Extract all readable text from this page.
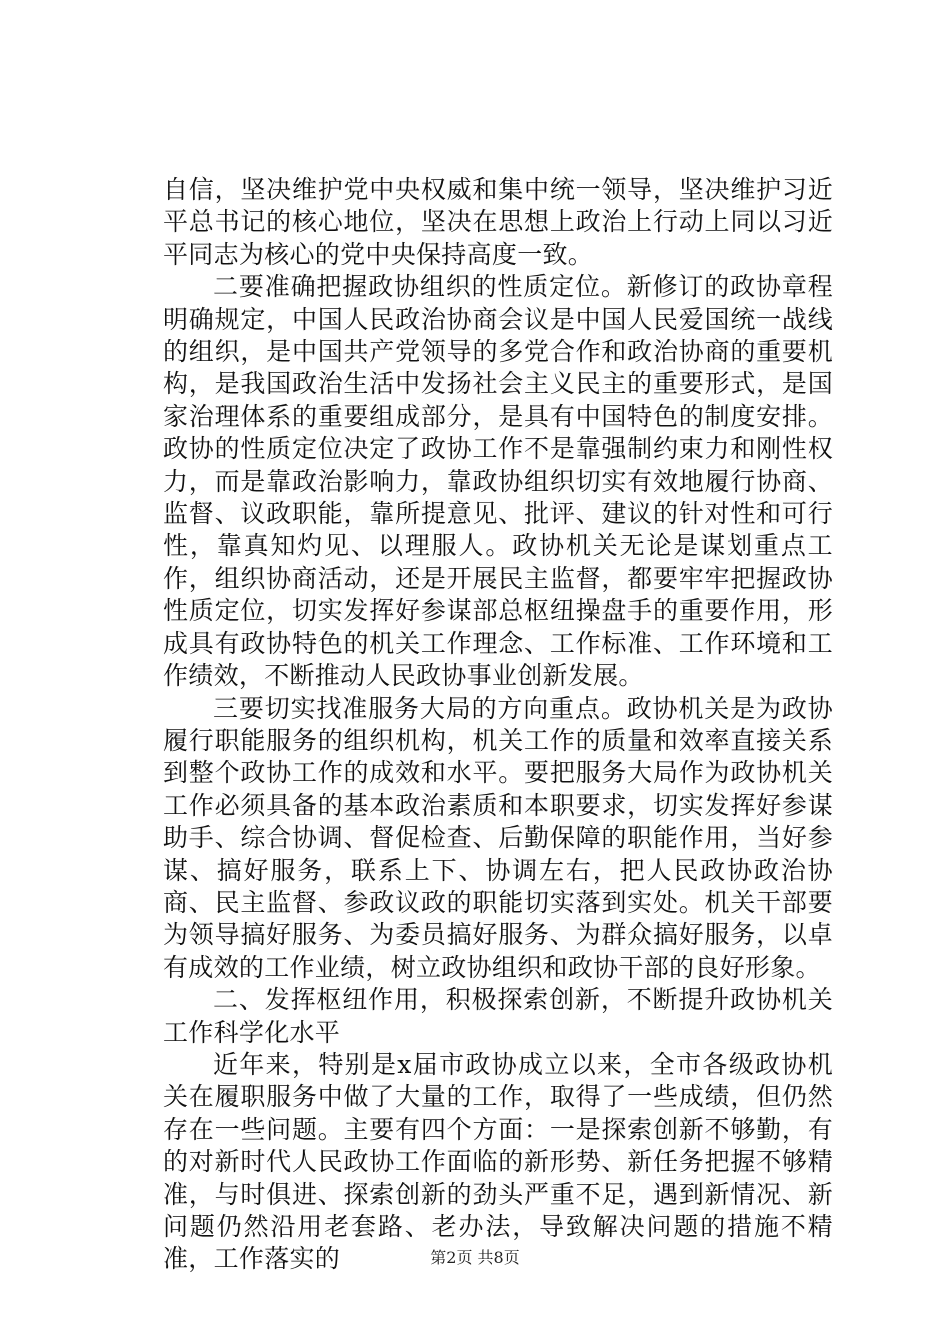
自信，坚决维护党中央权威和集中统一领导，坚决维护习近平总书记的核心地位，坚决在思想上政治上行动上同以习近平同志为核心的党中央保持高度一致。

二要准确把握政协组织的性质定位。新修订的政协章程明确规定，中国人民政治协商会议是中国人民爱国统一战线的组织，是中国共产党领导的多党合作和政治协商的重要机构，是我国政治生活中发扬社会主义民主的重要形式，是国家治理体系的重要组成部分，是具有中国特色的制度安排。政协的性质定位决定了政协工作不是靠强制约束力和刚性权力，而是靠政治影响力，靠政协组织切实有效地履行协商、监督、议政职能，靠所提意见、批评、建议的针对性和可行性，靠真知灼见、以理服人。政协机关无论是谋划重点工作，组织协商活动，还是开展民主监督，都要牢牢把握政协性质定位，切实发挥好参谋部总枢纽操盘手的重要作用，形成具有政协特色的机关工作理念、工作标准、工作环境和工作绩效，不断推动人民政协事业创新发展。

三要切实找准服务大局的方向重点。政协机关是为政协履行职能服务的组织机构，机关工作的质量和效率直接关系到整个政协工作的成效和水平。要把服务大局作为政协机关工作必须具备的基本政治素质和本职要求，切实发挥好参谋助手、综合协调、督促检查、后勤保障的职能作用，当好参谋、搞好服务，联系上下、协调左右，把人民政协政治协商、民主监督、参政议政的职能切实落到实处。机关干部要为领导搞好服务、为委员搞好服务、为群众搞好服务，以卓有成效的工作业绩，树立政协组织和政协干部的良好形象。

二、发挥枢纽作用，积极探索创新，不断提升政协机关工作科学化水平

近年来，特别是x届市政协成立以来，全市各级政协机关在履职服务中做了大量的工作，取得了一些成绩，但仍然存在一些问题。主要有四个方面：一是探索创新不够勤，有的对新时代人民政协工作面临的新形势、新任务把握不够精准，与时俱进、探索创新的劲头严重不足，遇到新情况、新问题仍然沿用老套路、老办法，导致解决问题的措施不精准，工作落实的	第2页 共8页
